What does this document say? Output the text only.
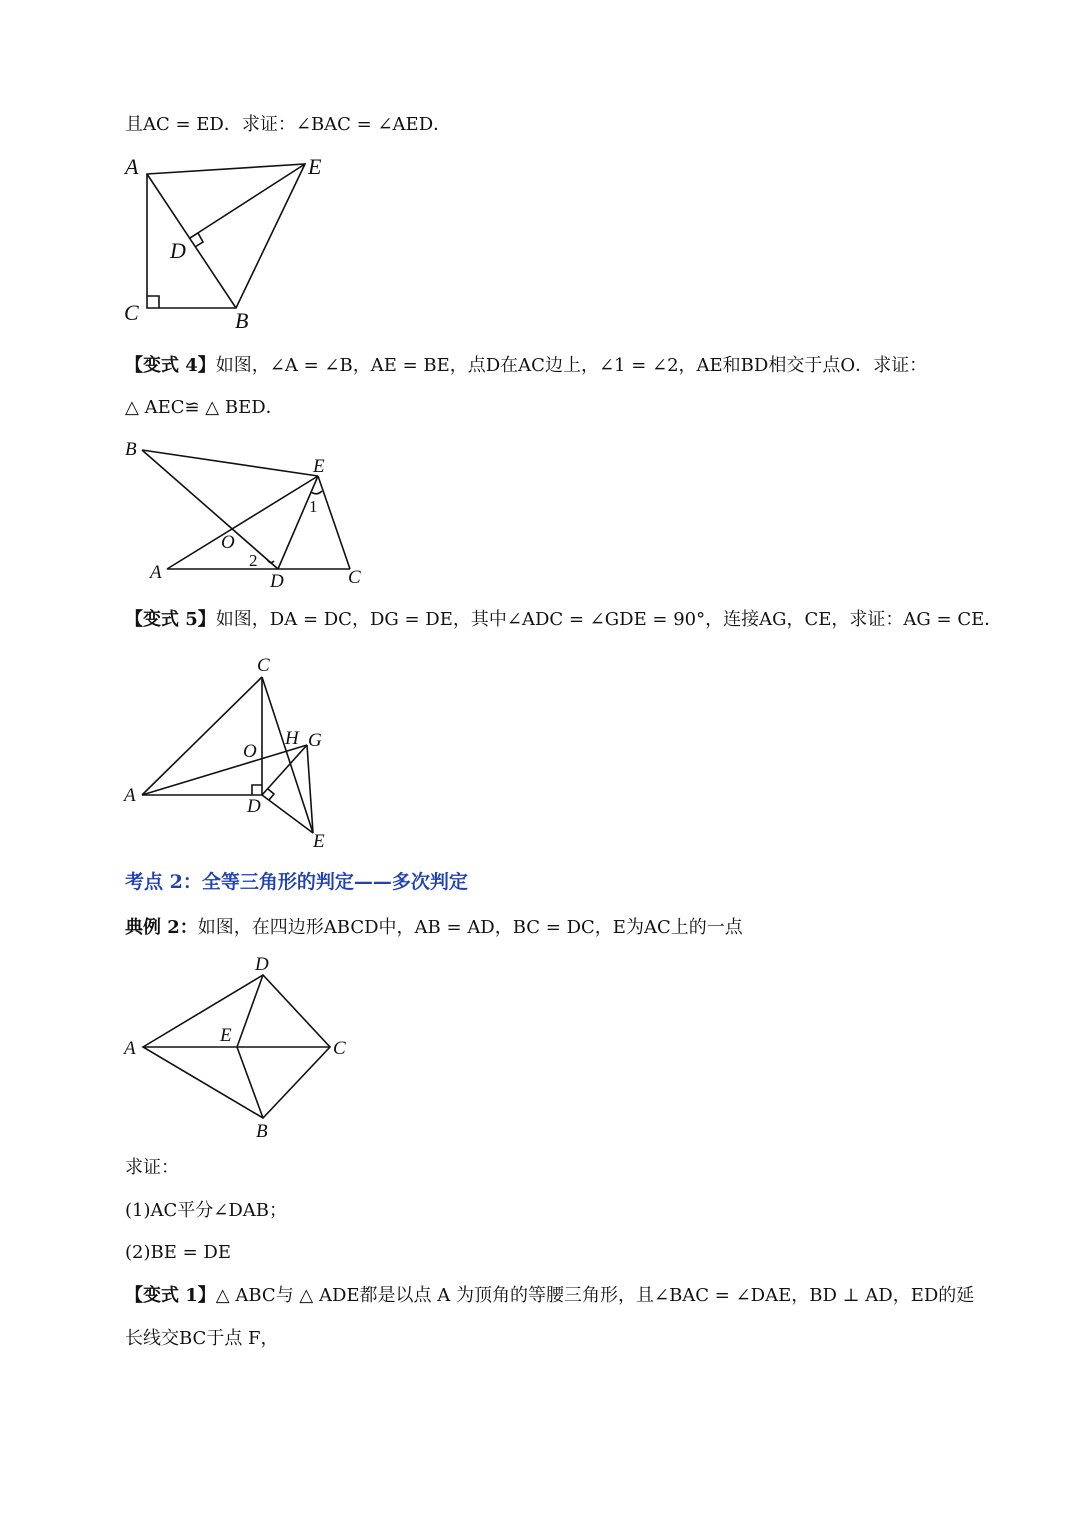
且AC = ED．求证：∠BAC = ∠AED．
A	E
D
C	B
【变式 4】如图，∠A = ∠B，AE = BE，点D在AC边上，∠1 = ∠2，AE和BD相交于点O．求证：
△ AEC≌ △ BED．
B
E
1
O
2
A	D	C
【变式 5】如图，DA = DC，DG = DE，其中∠ADC = ∠GDE = 90°，连接AG，CE，求证：AG = CE．
C
O
H G
A
D
E
考点 2：全等三角形的判定——多次判定
典例 2：如图，在四边形ABCD中，AB = AD，BC = DC，E为AC上的一点
D
E
A	C
B
求证：
(1)AC平分∠DAB；
(2)BE = DE
【变式 1】△ ABC与 △ ADE都是以点 A 为顶角的等腰三角形，且∠BAC = ∠DAE，BD ⊥ AD，ED的延
长线交BC于点 F，
